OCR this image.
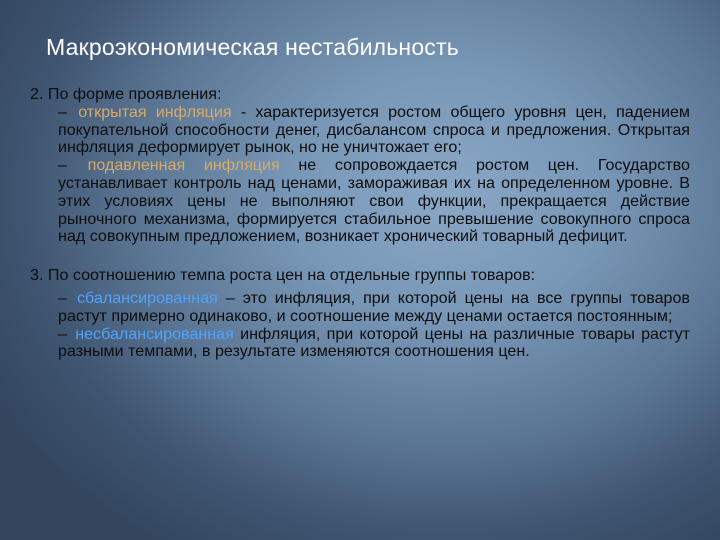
Макроэкономическая нестабильность

2. По форме проявления:

– открытая инфляция - характеризуется ростом общего уровня цен, падением покупательной способности денег, дисбалансом спроса и предложения. Открытая инфляция деформирует рынок, но не уничтожает его;

– подавленная инфляция не сопровождается ростом цен. Государство устанавливает контроль над ценами, замораживая их на определенном уровне. В этих условиях цены не выполняют свои функции, прекращается действие рыночного механизма, формируется стабильное превышение совокупного спроса над совокупным предложением, возникает хронический товарный дефицит.

3. По соотношению темпа роста цен на отдельные группы товаров:

– сбалансированная – это инфляция, при которой цены на все группы товаров растут примерно одинаково, и соотношение между ценами остается постоянным;

– несбалансированная инфляция, при которой цены на различные товары растут разными темпами, в результате изменяются соотношения цен.
